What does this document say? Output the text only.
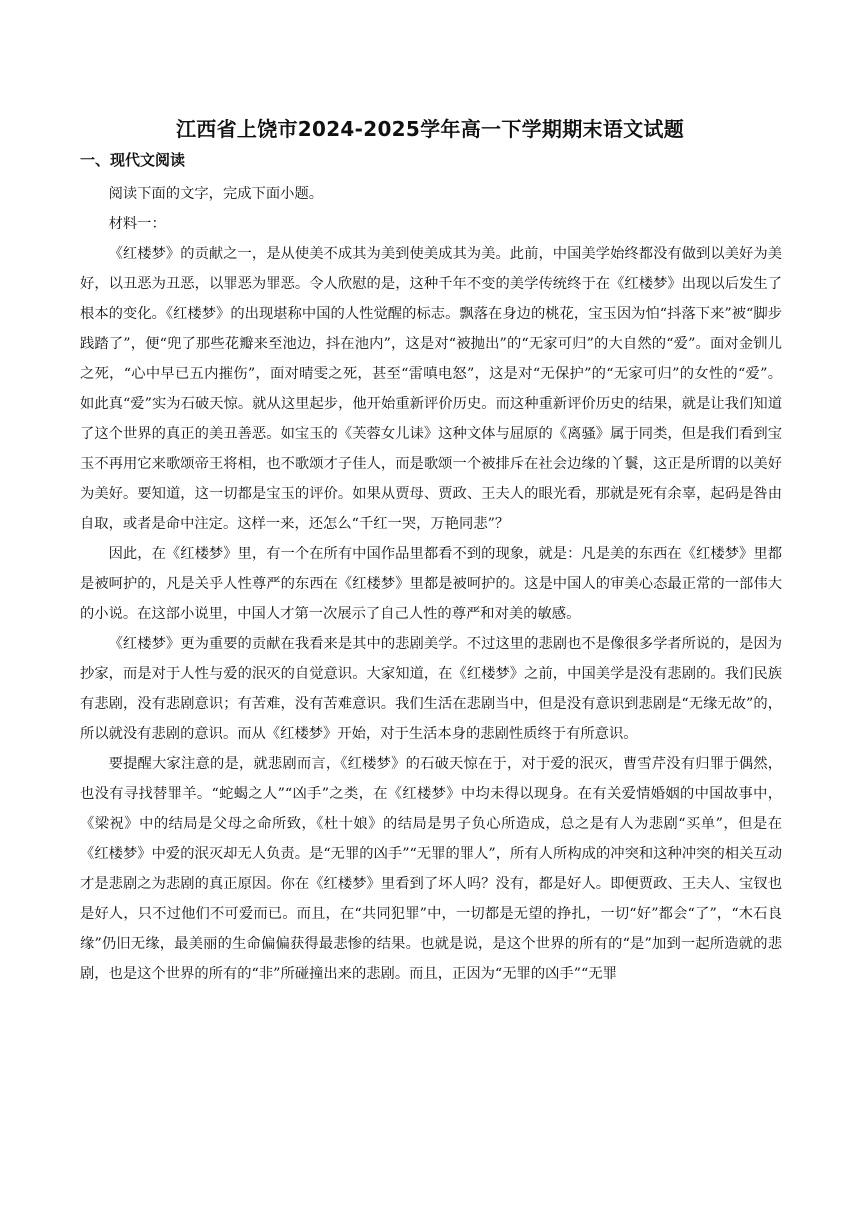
江西省上饶市2024-2025学年高一下学期期末语文试题
一、现代文阅读

阅读下面的文字，完成下面小题。

材料一：

《红楼梦》的贡献之一，是从使美不成其为美到使美成其为美。此前，中国美学始终都没有做到以美好为美好，以丑恶为丑恶，以罪恶为罪恶。令人欣慰的是，这种千年不变的美学传统终于在《红楼梦》出现以后发生了根本的变化。《红楼梦》的出现堪称中国的人性觉醒的标志。飘落在身边的桃花，宝玉因为怕“抖落下来”被“脚步践踏了”，便“兜了那些花瓣来至池边，抖在池内”，这是对“被抛出”的“无家可归”的大自然的“爱”。面对金钏儿之死，“心中早已五内摧伤”，面对晴雯之死，甚至“雷嗔电怒”，这是对“无保护”的“无家可归”的女性的“爱”。如此真“爱”实为石破天惊。就从这里起步，他开始重新评价历史。而这种重新评价历史的结果，就是让我们知道了这个世界的真正的美丑善恶。如宝玉的《芙蓉女儿诔》这种文体与屈原的《离骚》属于同类，但是我们看到宝玉不再用它来歌颂帝王将相，也不歌颂才子佳人，而是歌颂一个被排斥在社会边缘的丫鬟，这正是所谓的以美好为美好。要知道，这一切都是宝玉的评价。如果从贾母、贾政、王夫人的眼光看，那就是死有余辜，起码是咎由自取，或者是命中注定。这样一来，还怎么“千红一哭，万艳同悲”？

因此，在《红楼梦》里，有一个在所有中国作品里都看不到的现象，就是：凡是美的东西在《红楼梦》里都是被呵护的，凡是关乎人性尊严的东西在《红楼梦》里都是被呵护的。这是中国人的审美心态最正常的一部伟大的小说。在这部小说里，中国人才第一次展示了自己人性的尊严和对美的敏感。

《红楼梦》更为重要的贡献在我看来是其中的悲剧美学。不过这里的悲剧也不是像很多学者所说的，是因为抄家，而是对于人性与爱的泯灭的自觉意识。大家知道，在《红楼梦》之前，中国美学是没有悲剧的。我们民族有悲剧，没有悲剧意识；有苦难，没有苦难意识。我们生活在悲剧当中，但是没有意识到悲剧是“无缘无故”的，所以就没有悲剧的意识。而从《红楼梦》开始，对于生活本身的悲剧性质终于有所意识。

要提醒大家注意的是，就悲剧而言，《红楼梦》的石破天惊在于，对于爱的泯灭，曹雪芹没有归罪于偶然，也没有寻找替罪羊。“蛇蝎之人”“凶手”之类，在《红楼梦》中均未得以现身。在有关爱情婚姻的中国故事中，《梁祝》中的结局是父母之命所致，《杜十娘》的结局是男子负心所造成，总之是有人为悲剧“买单”，但是在《红楼梦》中爱的泯灭却无人负责。是“无罪的凶手”“无罪的罪人”，所有人所构成的冲突和这种冲突的相关互动才是悲剧之为悲剧的真正原因。你在《红楼梦》里看到了坏人吗？没有，都是好人。即便贾政、王夫人、宝钗也是好人，只不过他们不可爱而已。而且，在“共同犯罪”中，一切都是无望的挣扎，一切“好”都会“了”，“木石良缘”仍旧无缘，最美丽的生命偏偏获得最悲惨的结果。也就是说，是这个世界的所有的“是”加到一起所造就的悲剧，也是这个世界的所有的“非”所碰撞出来的悲剧。而且，正因为“无罪的凶手”“无罪
